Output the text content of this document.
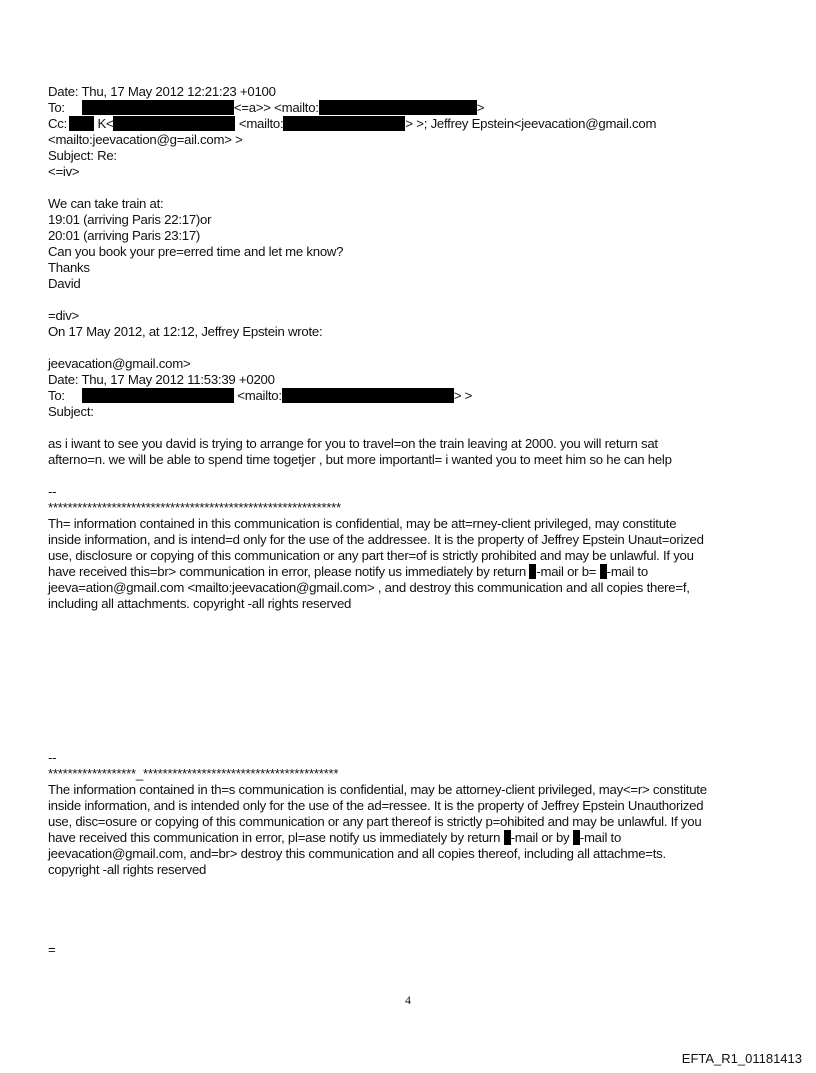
Date: Thu, 17 May 2012 12:21:23 +0100
To:	<=a>> <mailto:	>
Cc: K<	<mailto:	> >; Jeffrey Epstein<jeevacation@gmail.com
<mailto:jeevacation@g=ail.com> >
Subject: Re:
<=iv>
We can take train at:
19:01 (arriving Paris 22:17)or
20:01 (arriving Paris 23:17)
Can you book your pre=erred time and let me know?
Thanks
David
=div>
On 17 May 2012, at 12:12, Jeffrey Epstein wrote:
jeevacation@gmail.com>
Date: Thu, 17 May 2012 11:53:39 +0200
To:	<mailto:	> >
Subject:
as i iwant to see you david is trying to arrange for you to travel=on the train leaving at 2000. you will return sat
afterno=n. we will be able to spend time togetjer , but more importantl= i wanted you to meet him so he can help
--
************************************************************
Th= information contained in this communication is confidential, may be att=rney-client privileged, may constitute
inside information, and is intend=d only for the use of the addressee. It is the property of Jeffrey Epstein Unaut=orized
use, disclosure or copying of this communication or any part ther=of is strictly prohibited and may be unlawful. If you
have received this=br> communication in error, please notify us immediately by return -mail or b= -mail to
jeeva=ation@gmail.com <mailto:jeevacation@gmail.com> , and destroy this communication and all copies there=f,
including all attachments. copyright -all rights reserved
--
******************_****************************************
The information contained in th=s communication is confidential, may be attorney-client privileged, may<=r> constitute
inside information, and is intended only for the use of the ad=ressee. It is the property of Jeffrey Epstein Unauthorized
use, disc=osure or copying of this communication or any part thereof is strictly p=ohibited and may be unlawful. If you
have received this communication in error, pl=ase notify us immediately by return -mail or by -mail to
jeevacation@gmail.com, and=br> destroy this communication and all copies thereof, including all attachme=ts.
copyright -all rights reserved
=
4
EFTA_R1_01181413
